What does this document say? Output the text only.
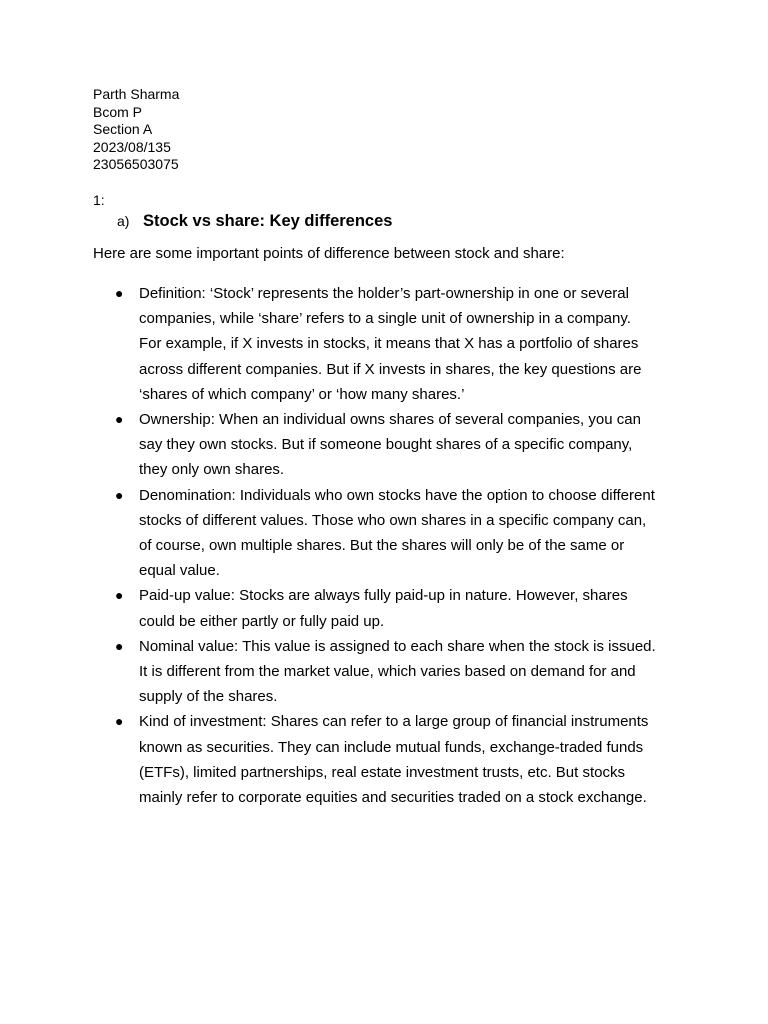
Parth Sharma
Bcom P
Section A
2023/08/135
23056503075
1:
a) Stock vs share: Key differences
Here are some important points of difference between stock and share:
● Definition: ‘Stock’ represents the holder’s part-ownership in one or several
companies, while ‘share’ refers to a single unit of ownership in a company.
For example, if X invests in stocks, it means that X has a portfolio of shares
across different companies. But if X invests in shares, the key questions are
‘shares of which company’ or ‘how many shares.’
● Ownership: When an individual owns shares of several companies, you can
say they own stocks. But if someone bought shares of a specific company,
they only own shares.
● Denomination: Individuals who own stocks have the option to choose different
stocks of different values. Those who own shares in a specific company can,
of course, own multiple shares. But the shares will only be of the same or
equal value.
● Paid-up value: Stocks are always fully paid-up in nature. However, shares
could be either partly or fully paid up.
● Nominal value: This value is assigned to each share when the stock is issued.
It is different from the market value, which varies based on demand for and
supply of the shares.
● Kind of investment: Shares can refer to a large group of financial instruments
known as securities. They can include mutual funds, exchange-traded funds
(ETFs), limited partnerships, real estate investment trusts, etc. But stocks
mainly refer to corporate equities and securities traded on a stock exchange.
